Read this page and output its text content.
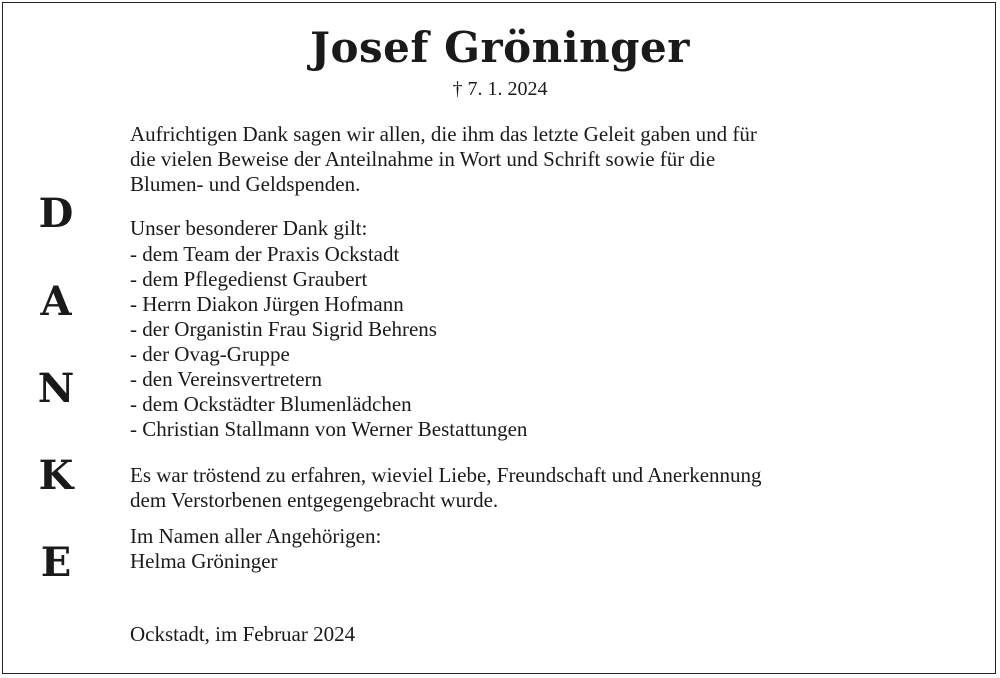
Josef Gröninger
† 7. 1. 2024
D
A
N
K
E
Aufrichtigen Dank sagen wir allen, die ihm das letzte Geleit gaben und für
die vielen Beweise der Anteilnahme in Wort und Schrift sowie für die
Blumen- und Geldspenden.
Unser besonderer Dank gilt:
- dem Team der Praxis Ockstadt
- dem Pflegedienst Graubert
- Herrn Diakon Jürgen Hofmann
- der Organistin Frau Sigrid Behrens
- der Ovag-Gruppe
- den Vereinsvertretern
- dem Ockstädter Blumenlädchen
- Christian Stallmann von Werner Bestattungen
Es war tröstend zu erfahren, wieviel Liebe, Freundschaft und Anerkennung
dem Verstorbenen entgegengebracht wurde.
Im Namen aller Angehörigen:
Helma Gröninger
Ockstadt, im Februar 2024
